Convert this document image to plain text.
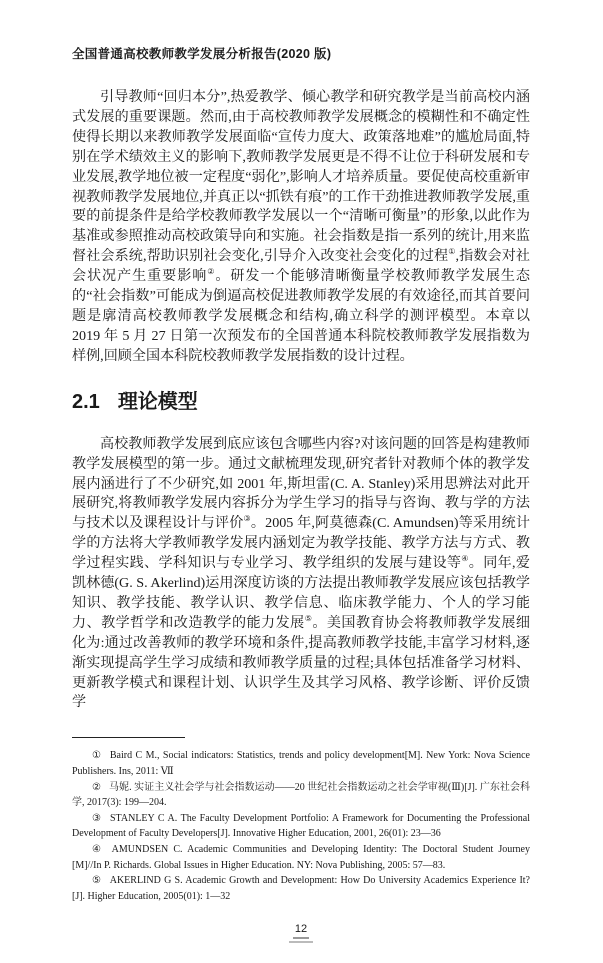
全国普通高校教师教学发展分析报告(2020 版)

引导教师“回归本分”,热爱教学、倾心教学和研究教学是当前高校内涵式发展的重要课题。然而,由于高校教师教学发展概念的模糊性和不确定性使得长期以来教师教学发展面临“宣传力度大、政策落地难”的尴尬局面,特别在学术绩效主义的影响下,教师教学发展更是不得不让位于科研发展和专业发展,教学地位被一定程度“弱化”,影响人才培养质量。要促使高校重新审视教师教学发展地位,并真正以“抓铁有痕”的工作干劲推进教师教学发展,重要的前提条件是给学校教师教学发展以一个“清晰可衡量”的形象,以此作为基准或参照推动高校政策导向和实施。社会指数是指一系列的统计,用来监督社会系统,帮助识别社会变化,引导介入改变社会变化的过程①,指数会对社会状况产生重要影响②。研发一个能够清晰衡量学校教师教学发展生态的“社会指数”可能成为倒逼高校促进教师教学发展的有效途径,而其首要问题是廓清高校教师教学发展概念和结构,确立科学的测评模型。本章以 2019 年 5 月 27 日第一次预发布的全国普通本科院校教师教学发展指数为样例,回顾全国本科院校教师教学发展指数的设计过程。

2.1 理论模型

高校教师教学发展到底应该包含哪些内容?对该问题的回答是构建教师教学发展模型的第一步。通过文献梳理发现,研究者针对教师个体的教学发展内涵进行了不少研究,如 2001 年,斯坦雷(C. A. Stanley)采用思辨法对此开展研究,将教师教学发展内容拆分为学生学习的指导与咨询、教与学的方法与技术以及课程设计与评价③。2005 年,阿莫德森(C. Amundsen)等采用统计学的方法将大学教师教学发展内涵划定为教学技能、教学方法与方式、教学过程实践、学科知识与专业学习、教学组织的发展与建设等④。同年,爱凯林德(G. S. Akerlind)运用深度访谈的方法提出教师教学发展应该包括教学知识、教学技能、教学认识、教学信息、临床教学能力、个人的学习能力、教学哲学和改造教学的能力发展⑤。美国教育协会将教师教学发展细化为:通过改善教师的教学环境和条件,提高教师教学技能,丰富学习材料,逐渐实现提高学生学习成绩和教师教学质量的过程;具体包括准备学习材料、更新教学模式和课程计划、认识学生及其学习风格、教学诊断、评价反馈学

① Baird C M., Social indicators: Statistics, trends and policy development[M]. New York: Nova Science Publishers. Ins, 2011: Ⅶ

② 马妮. 实证主义社会学与社会指数运动——20 世纪社会指数运动之社会学审视(Ⅲ)[J]. 广东社会科学, 2017(3): 199—204.

③ STANLEY C A. The Faculty Development Portfolio: A Framework for Documenting the Professional Development of Faculty Developers[J]. Innovative Higher Education, 2001, 26(01): 23—36

④ AMUNDSEN C. Academic Communities and Developing Identity: The Doctoral Student Journey [M]//In P. Richards. Global Issues in Higher Education. NY: Nova Publishing, 2005: 57—83.

⑤ AKERLIND G S. Academic Growth and Development: How Do University Academics Experience It? [J]. Higher Education, 2005(01): 1—32

12
